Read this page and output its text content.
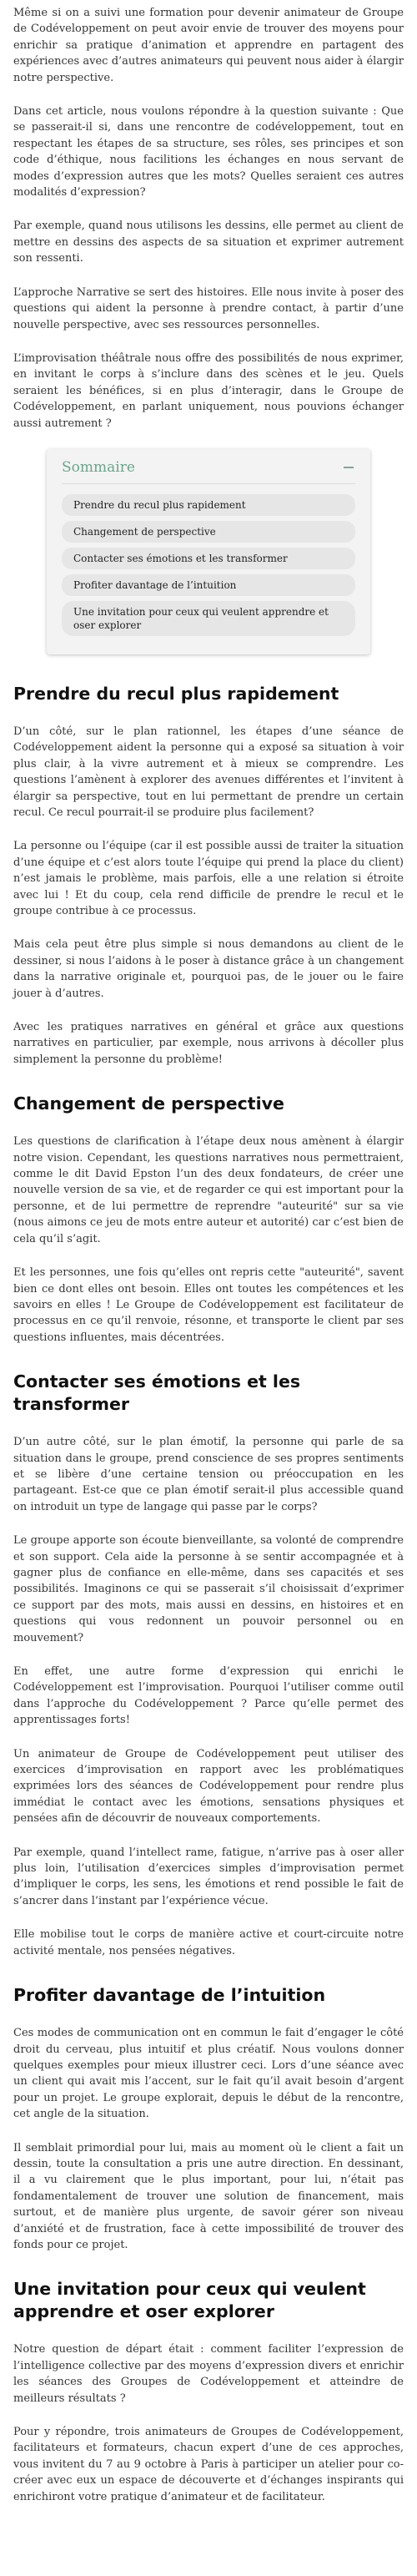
Même si on a suivi une formation pour devenir animateur de Groupe de Codéveloppement on peut avoir envie de trouver des moyens pour enrichir sa pratique d’animation et apprendre en partagent des expériences avec d’autres animateurs qui peuvent nous aider à élargir notre perspective.

Dans cet article, nous voulons répondre à la question suivante : Que se passerait-il si, dans une rencontre de codéveloppement, tout en respectant les étapes de sa structure, ses rôles, ses principes et son code d’éthique, nous facilitions les échanges en nous servant de modes d’expression autres que les mots? Quelles seraient ces autres modalités d’expression?

Par exemple, quand nous utilisons les dessins, elle permet au client de mettre en dessins des aspects de sa situation et exprimer autrement son ressenti.

L’approche Narrative se sert des histoires. Elle nous invite à poser des questions qui aident la personne à prendre contact, à partir d’une nouvelle perspective, avec ses ressources personnelles.

L’improvisation théâtrale nous offre des possibilités de nous exprimer, en invitant le corps à s’inclure dans des scènes et le jeu. Quels seraient les bénéfices, si en plus d’interagir, dans le Groupe de Codéveloppement, en parlant uniquement, nous pouvions échanger aussi autrement ?

Sommaire
Prendre du recul plus rapidement
Changement de perspective
Contacter ses émotions et les transformer
Profiter davantage de l’intuition
Une invitation pour ceux qui veulent apprendre et oser explorer
Prendre du recul plus rapidement

D’un côté, sur le plan rationnel, les étapes d’une séance de Codéveloppement aident la personne qui a exposé sa situation à voir plus clair, à la vivre autrement et à mieux se comprendre. Les questions l’amènent à explorer des avenues différentes et l’invitent à élargir sa perspective, tout en lui permettant de prendre un certain recul. Ce recul pourrait-il se produire plus facilement?

La personne ou l’équipe (car il est possible aussi de traiter la situation d’une équipe et c’est alors toute l’équipe qui prend la place du client) n’est jamais le problème, mais parfois, elle a une relation si étroite avec lui ! Et du coup, cela rend difficile de prendre le recul et le groupe contribue à ce processus.

Mais cela peut être plus simple si nous demandons au client de le dessiner, si nous l’aidons à le poser à distance grâce à un changement dans la narrative originale et, pourquoi pas, de le jouer ou le faire jouer à d’autres.

Avec les pratiques narratives en général et grâce aux questions narratives en particulier, par exemple, nous arrivons à décoller plus simplement la personne du problème!

Changement de perspective

Les questions de clarification à l’étape deux nous amènent à élargir notre vision. Cependant, les questions narratives nous permettraient, comme le dit David Epston l’un des deux fondateurs, de créer une nouvelle version de sa vie, et de regarder ce qui est important pour la personne, et de lui permettre de reprendre "auteurité" sur sa vie (nous aimons ce jeu de mots entre auteur et autorité) car c’est bien de cela qu’il s’agit.

Et les personnes, une fois qu’elles ont repris cette "auteurité", savent bien ce dont elles ont besoin. Elles ont toutes les compétences et les savoirs en elles ! Le Groupe de Codéveloppement est facilitateur de processus en ce qu’il renvoie, résonne, et transporte le client par ses questions influentes, mais décentrées.

Contacter ses émotions et les transformer

D’un autre côté, sur le plan émotif, la personne qui parle de sa situation dans le groupe, prend conscience de ses propres sentiments et se libère d’une certaine tension ou préoccupation en les partageant. Est-ce que ce plan émotif serait-il plus accessible quand on introduit un type de langage qui passe par le corps?

Le groupe apporte son écoute bienveillante, sa volonté de comprendre et son support. Cela aide la personne à se sentir accompagnée et à gagner plus de confiance en elle-même, dans ses capacités et ses possibilités. Imaginons ce qui se passerait s’il choisissait d’exprimer ce support par des mots, mais aussi en dessins, en histoires et en questions qui vous redonnent un pouvoir personnel ou en mouvement?

En effet, une autre forme d’expression qui enrichi le Codéveloppement est l’improvisation. Pourquoi l’utiliser comme outil dans l’approche du Codéveloppement ? Parce qu’elle permet des apprentissages forts!

Un animateur de Groupe de Codéveloppement peut utiliser des exercices d’improvisation en rapport avec les problématiques exprimées lors des séances de Codéveloppement pour rendre plus immédiat le contact avec les émotions, sensations physiques et pensées afin de découvrir de nouveaux comportements.

Par exemple, quand l’intellect rame, fatigue, n’arrive pas à oser aller plus loin, l’utilisation d’exercices simples d’improvisation permet d’impliquer le corps, les sens, les émotions et rend possible le fait de s’ancrer dans l’instant par l’expérience vécue.

Elle mobilise tout le corps de manière active et court-circuite notre activité mentale, nos pensées négatives.

Profiter davantage de l’intuition

Ces modes de communication ont en commun le fait d’engager le côté droit du cerveau, plus intuitif et plus créatif. Nous voulons donner quelques exemples pour mieux illustrer ceci. Lors d’une séance avec un client qui avait mis l’accent, sur le fait qu’il avait besoin d’argent pour un projet. Le groupe explorait, depuis le début de la rencontre, cet angle de la situation.

Il semblait primordial pour lui, mais au moment où le client a fait un dessin, toute la consultation a pris une autre direction. En dessinant, il a vu clairement que le plus important, pour lui, n’était pas fondamentalement de trouver une solution de financement, mais surtout, et de manière plus urgente, de savoir gérer son niveau d’anxiété et de frustration, face à cette impossibilité de trouver des fonds pour ce projet.

Une invitation pour ceux qui veulent apprendre et oser explorer

Notre question de départ était : comment faciliter l’expression de l’intelligence collective par des moyens d’expression divers et enrichir les séances des Groupes de Codéveloppement et atteindre de meilleurs résultats ?

Pour y répondre, trois animateurs de Groupes de Codéveloppement, facilitateurs et formateurs, chacun expert d’une de ces approches, vous invitent du 7 au 9 octobre à Paris à participer un atelier pour co-créer avec eux un espace de découverte et d’échanges inspirants qui enrichiront votre pratique d’animateur et de facilitateur.
